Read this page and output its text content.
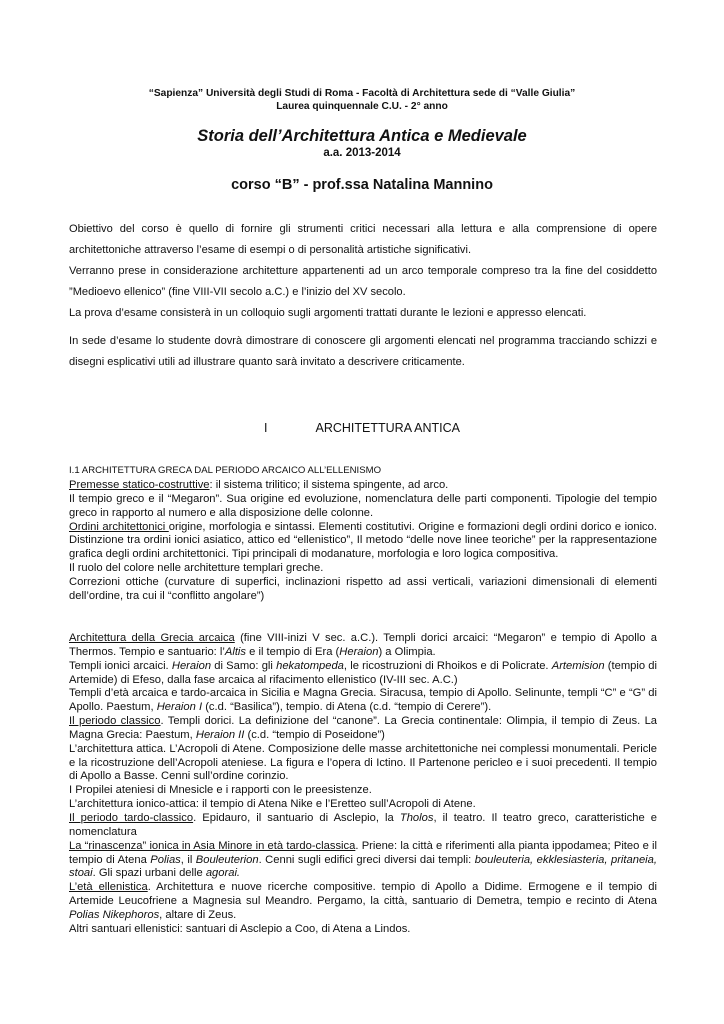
“Sapienza” Università degli Studi di Roma - Facoltà di Architettura sede di “Valle Giulia”
Laurea quinquennale C.U. - 2° anno
Storia dell’Architettura Antica e Medievale
a.a. 2013-2014
corso “B” - prof.ssa Natalina Mannino

Obiettivo del corso è quello di fornire gli strumenti critici necessari alla lettura e alla comprensione di opere architettoniche attraverso l’esame di esempi o di personalità artistiche significativi.

Verranno prese in considerazione architetture appartenenti ad un arco temporale compreso tra la fine del cosiddetto ”Medioevo ellenico” (fine VIII-VII secolo a.C.) e l’inizio del XV secolo.

La prova d’esame consisterà in un colloquio sugli argomenti trattati durante le lezioni e appresso elencati.

In sede d’esame lo studente dovrà dimostrare di conoscere gli argomenti elencati nel programma tracciando schizzi e disegni esplicativi utili ad illustrare quanto sarà invitato a descrivere criticamente.

I	ARCHITETTURA ANTICA
I.1 ARCHITETTURA GRECA DAL PERIODO ARCAICO ALL’ELLENISMO

Premesse statico-costruttive: il sistema trilitico; il sistema spingente, ad arco.

Il tempio greco e il “Megaron”. Sua origine ed evoluzione, nomenclatura delle parti componenti. Tipologie del tempio greco in rapporto al numero e alla disposizione delle colonne.

Ordini architettonici origine, morfologia e sintassi. Elementi costitutivi. Origine e formazioni degli ordini dorico e ionico. Distinzione tra ordini ionici asiatico, attico ed “ellenistico”, Il metodo “delle nove linee teoriche” per la rappresentazione grafica degli ordini architettonici. Tipi principali di modanature, morfologia e loro logica compositiva.

Il ruolo del colore nelle architetture templari greche.

Correzioni ottiche (curvature di superfici, inclinazioni rispetto ad assi verticali, variazioni dimensionali di elementi dell’ordine, tra cui il “conflitto angolare”)

Architettura della Grecia arcaica (fine VIII-inizi V sec. a.C.). Templi dorici arcaici: “Megaron” e tempio di Apollo a Thermos. Tempio e santuario: l’Altis e il tempio di Era (Heraion) a Olimpia.

Templi ionici arcaici. Heraion di Samo: gli hekatompeda, le ricostruzioni di Rhoikos e di Policrate. Artemision (tempio di Artemide) di Efeso, dalla fase arcaica al rifacimento ellenistico (IV-III sec. A.C.)

Templi d’età arcaica e tardo-arcaica in Sicilia e Magna Grecia. Siracusa, tempio di Apollo. Selinunte, templi “C” e “G” di Apollo. Paestum, Heraion I (c.d. “Basilica”), tempio. di Atena (c.d. “tempio di Cerere”).

Il periodo classico. Templi dorici. La definizione del “canone”. La Grecia continentale: Olimpia, il tempio di Zeus. La Magna Grecia: Paestum, Heraion II (c.d. “tempio di Poseidone”)

L’architettura attica. L’Acropoli di Atene. Composizione delle masse architettoniche nei complessi monumentali. Pericle e la ricostruzione dell’Acropoli ateniese. La figura e l’opera di Ictino. Il Partenone pericleo e i suoi precedenti. Il tempio di Apollo a Basse. Cenni sull’ordine corinzio.

I Propilei ateniesi di Mnesicle e i rapporti con le preesistenze.

L’architettura ionico-attica: il tempio di Atena Nike e l’Eretteo sull’Acropoli di Atene.

Il periodo tardo-classico. Epidauro, il santuario di Asclepio, la Tholos, il teatro. Il teatro greco, caratteristiche e nomenclatura

La “rinascenza” ionica in Asia Minore in età tardo-classica. Priene: la città e riferimenti alla pianta ippodamea; Piteo e il tempio di Atena Polias, il Bouleuterion. Cenni sugli edifici greci diversi dai templi: bouleuteria, ekklesiasteria, pritaneia, stoai. Gli spazi urbani delle agorai.

L’età ellenistica. Architettura e nuove ricerche compositive. tempio di Apollo a Didime. Ermogene e il tempio di Artemide Leucofriene a Magnesia sul Meandro. Pergamo, la città, santuario di Demetra, tempio e recinto di Atena Polias Nikephoros, altare di Zeus.

Altri santuari ellenistici: santuari di Asclepio a Coo, di Atena a Lindos.
